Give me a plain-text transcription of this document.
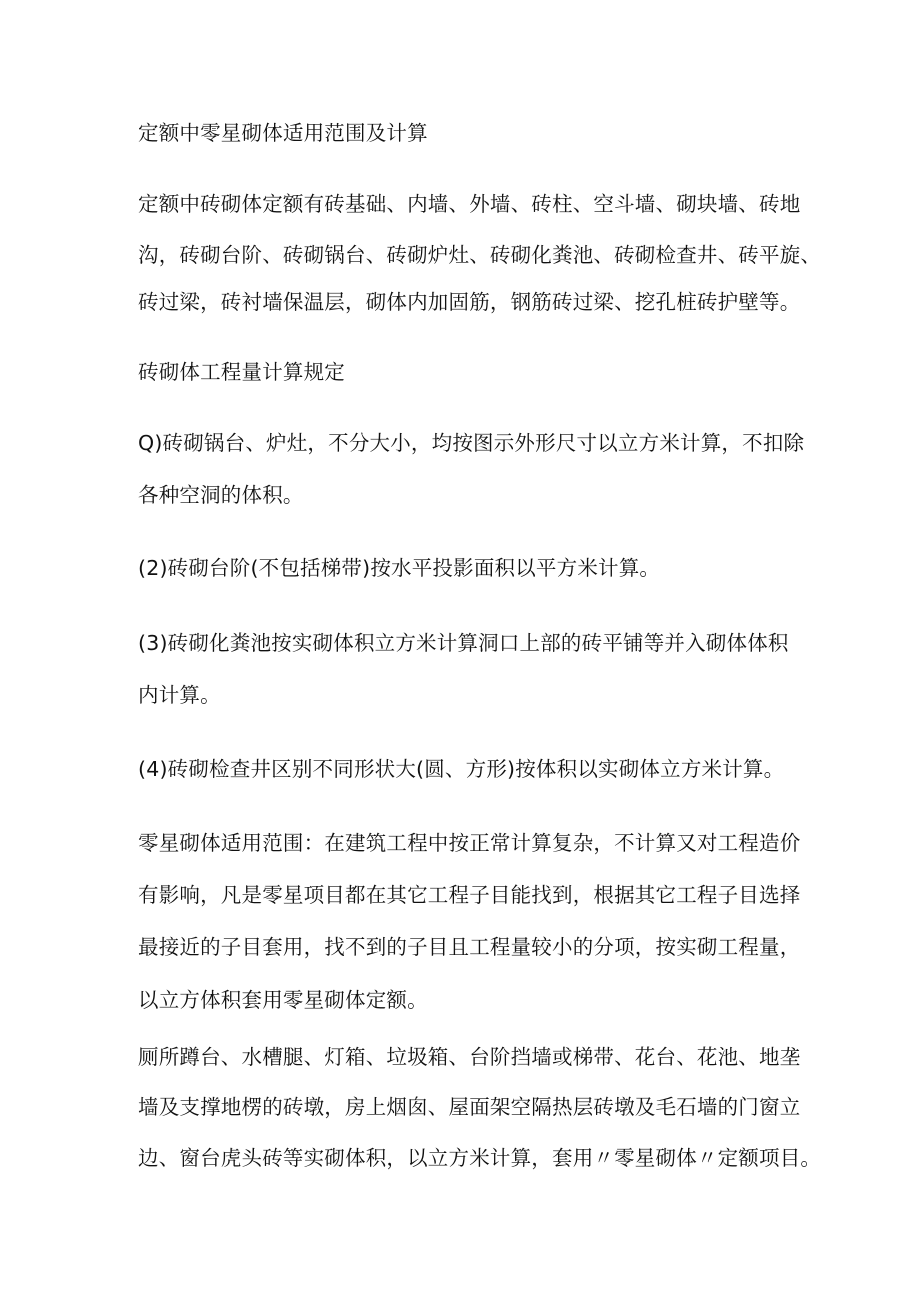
定额中零星砌体适用范围及计算
定额中砖砌体定额有砖基础、内墙、外墙、砖柱、空斗墙、砌块墙、砖地
沟，砖砌台阶、砖砌锅台、砖砌炉灶、砖砌化粪池、砖砌检查井、砖平旋、
砖过梁，砖衬墙保温层，砌体内加固筋，钢筋砖过梁、挖孔桩砖护壁等。
砖砌体工程量计算规定
Q)砖砌锅台、炉灶，不分大小，均按图示外形尺寸以立方米计算，不扣除
各种空洞的体积。
(2)砖砌台阶(不包括梯带)按水平投影面积以平方米计算。
(3)砖砌化粪池按实砌体积立方米计算洞口上部的砖平铺等并入砌体体积
内计算。
(4)砖砌检查井区别不同形状大(圆、方形)按体积以实砌体立方米计算。
零星砌体适用范围：在建筑工程中按正常计算复杂，不计算又对工程造价
有影响，凡是零星项目都在其它工程子目能找到，根据其它工程子目选择
最接近的子目套用，找不到的子目且工程量较小的分项，按实砌工程量，
以立方体积套用零星砌体定额。
厕所蹲台、水槽腿、灯箱、垃圾箱、台阶挡墙或梯带、花台、花池、地垄
墙及支撑地楞的砖墩，房上烟囱、屋面架空隔热层砖墩及毛石墙的门窗立
边、窗台虎头砖等实砌体积，以立方米计算，套用〃零星砌体〃定额项目。
